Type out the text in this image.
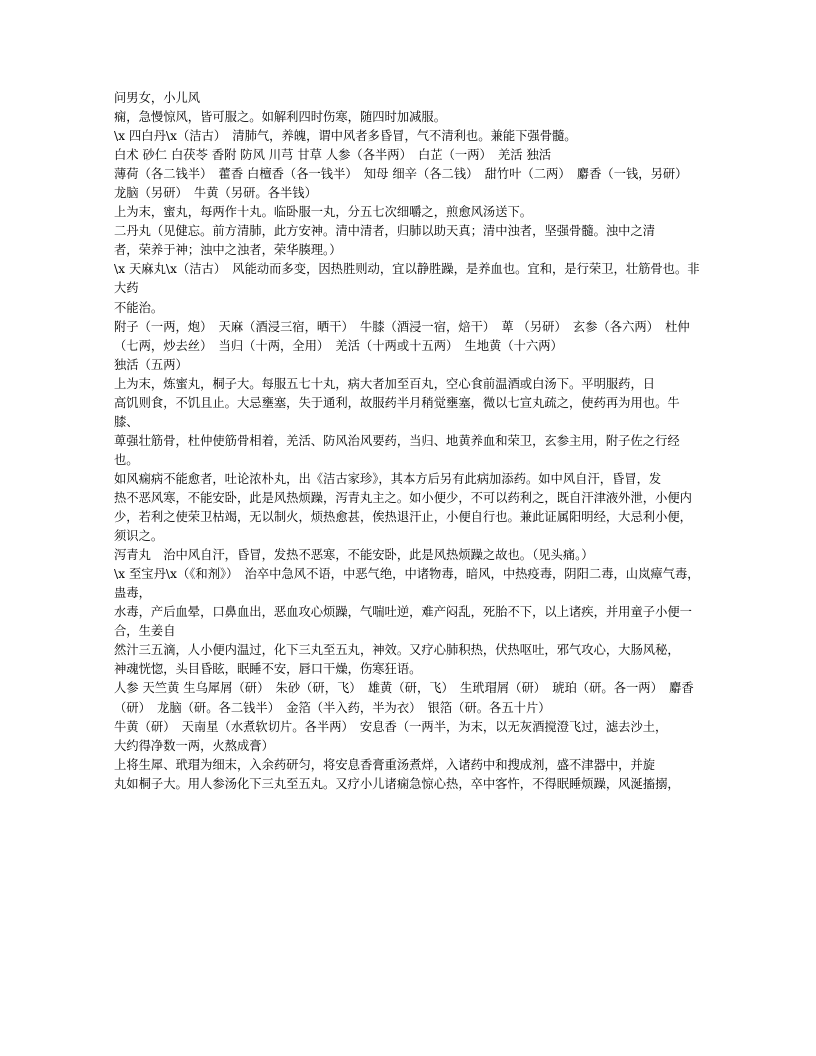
问男女，小儿风

痫，急慢惊风，皆可服之。如解利四时伤寒，随四时加减服。

\x 四白丹\x（洁古）　清肺气，养魄，谓中风者多昏冒，气不清利也。兼能下强骨髓。

白术 砂仁 白茯苓 香附 防风 川芎 甘草 人参（各半两）　白芷（一两）　羌活 独活

薄荷（各二钱半）　藿香 白檀香（各一钱半）　知母 细辛（各二钱）　甜竹叶（二两）　麝香（一钱，另研）　龙脑（另研）　牛黄（另研。各半钱）

上为末，蜜丸，每两作十丸。临卧服一丸，分五七次细嚼之，煎愈风汤送下。

二丹丸（见健忘。前方清肺，此方安神。清中清者，归肺以助天真；清中浊者，坚强骨髓。浊中之清

者，荣养于神；浊中之浊者，荣华腠理。）

\x 天麻丸\x（洁古）　风能动而多变，因热胜则动，宜以静胜躁，是养血也。宜和，是行荣卫，壮筋骨也。非大药

不能治。

附子（一两，炮）　天麻（酒浸三宿，晒干）　牛膝（酒浸一宿，焙干）　萆 （另研）　玄参（各六两）　杜仲（七两，炒去丝）　当归（十两，全用）　羌活（十两或十五两）　生地黄（十六两）

独活（五两）

上为末，炼蜜丸，桐子大。每服五七十丸，病大者加至百丸，空心食前温酒或白汤下。平明服药，日

高饥则食，不饥且止。大忌壅塞，失于通利，故服药半月稍觉壅塞，微以七宣丸疏之，使药再为用也。牛膝、

萆强壮筋骨，杜仲使筋骨相着，羌活、防风治风要药，当归、地黄养血和荣卫，玄参主用，附子佐之行经也。

如风痫病不能愈者，吐论浓朴丸，出《洁古家珍》，其本方后另有此病加添药。如中风自汗，昏冒，发

热不恶风寒，不能安卧，此是风热烦躁，泻青丸主之。如小便少，不可以药利之，既自汗津液外泄，小便内

少，若利之使荣卫枯竭，无以制火，烦热愈甚，俟热退汗止，小便自行也。兼此证属阳明经，大忌利小便，须识之。

泻青丸　治中风自汗，昏冒，发热不恶寒，不能安卧，此是风热烦躁之故也。（见头痛。）

\x 至宝丹\x（《和剂》）　治卒中急风不语，中恶气绝，中诸物毒，暗风，中热疫毒，阴阳二毒，山岚瘴气毒，蛊毒，

水毒，产后血晕，口鼻血出，恶血攻心烦躁，气喘吐逆，难产闷乱，死胎不下，以上诸疾，并用童子小便一合，生姜自

然汁三五滴，人小便内温过，化下三丸至五丸，神效。又疗心肺积热，伏热呕吐，邪气攻心，大肠风秘，

神魂恍惚，头目昏眩，眠睡不安，唇口干燥，伤寒狂语。

人参 天竺黄 生乌犀屑（研）　朱砂（研，飞）　雄黄（研，飞）　生玳瑁屑（研）　琥珀（研。各一两）　麝香（研）　龙脑（研。各二钱半）　金箔（半入药，半为衣）　银箔（研。各五十片）

牛黄（研）　天南星（水煮软切片。各半两）　安息香（一两半，为末，以无灰酒搅澄飞过，滤去沙土，

大约得净数一两，火熬成膏）

上将生犀、玳瑁为细末，入余药研匀，将安息香膏重汤煮烊，入诸药中和搜成剂，盛不津器中，并旋

丸如桐子大。用人参汤化下三丸至五丸。又疗小儿诸痫急惊心热，卒中客忤，不得眠睡烦躁，风涎搐搦，
